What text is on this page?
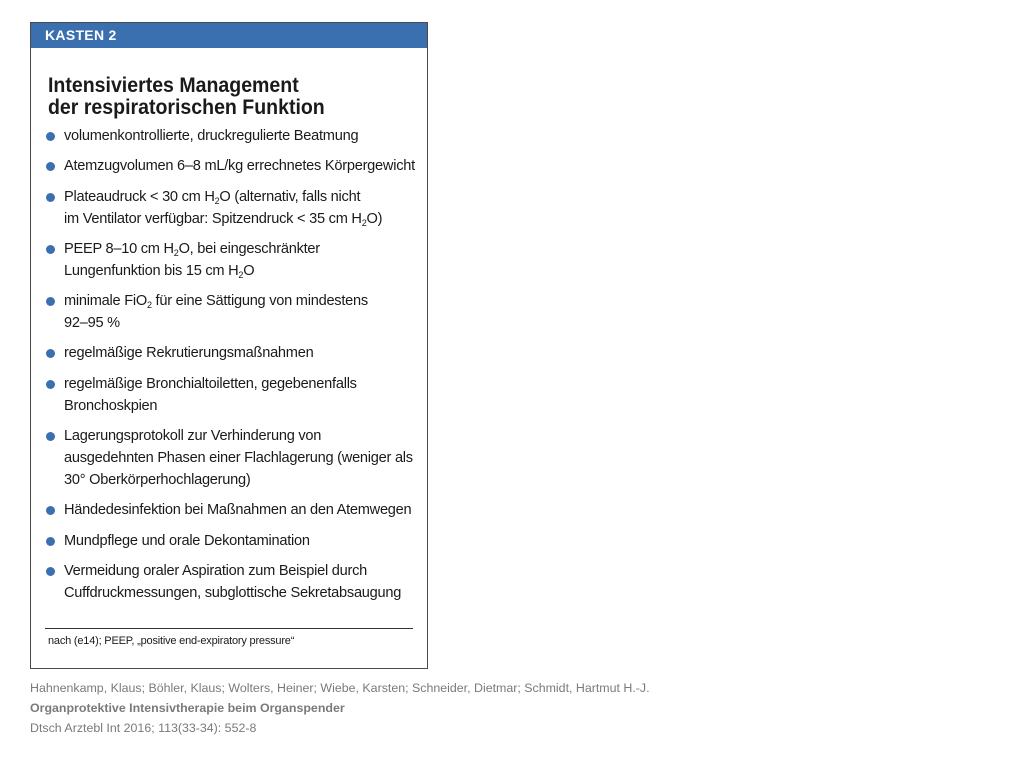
KASTEN 2
Intensiviertes Management
der respiratorischen Funktion
volumenkontrollierte, druckregulierte Beatmung
Atemzugvolumen 6–8 mL/kg errechnetes Körpergewicht
Plateaudruck < 30 cm $H_2O$ (alternativ, falls nicht
im Ventilator verfügbar: Spitzendruck < 35 cm $H_2O$)
PEEP 8–10 cm $H_2O$, bei eingeschränkter
Lungenfunktion bis 15 cm $H_2O$
minimale FiO$_2$ für eine Sättigung von mindestens
92–95 %
regelmäßige Rekrutierungsmaßnahmen
regelmäßige Bronchialtoiletten, gegebenenfalls
Bronchoskpien
Lagerungsprotokoll zur Verhinderung von
ausgedehnten Phasen einer Flachlagerung (weniger als
30° Oberkörperhochlagerung)
Händedesinfektion bei Maßnahmen an den Atemwegen
Mundpflege und orale Dekontamination
Vermeidung oraler Aspiration zum Beispiel durch
Cuffdruckmessungen, subglottische Sekretabsaugung
nach (e14); PEEP, „positive end-expiratory pressure“
Hahnenkamp, Klaus; Böhler, Klaus; Wolters, Heiner; Wiebe, Karsten; Schneider, Dietmar; Schmidt, Hartmut H.-J.
Organprotektive Intensivtherapie beim Organspender
Dtsch Arztebl Int 2016; 113(33-34): 552-8
